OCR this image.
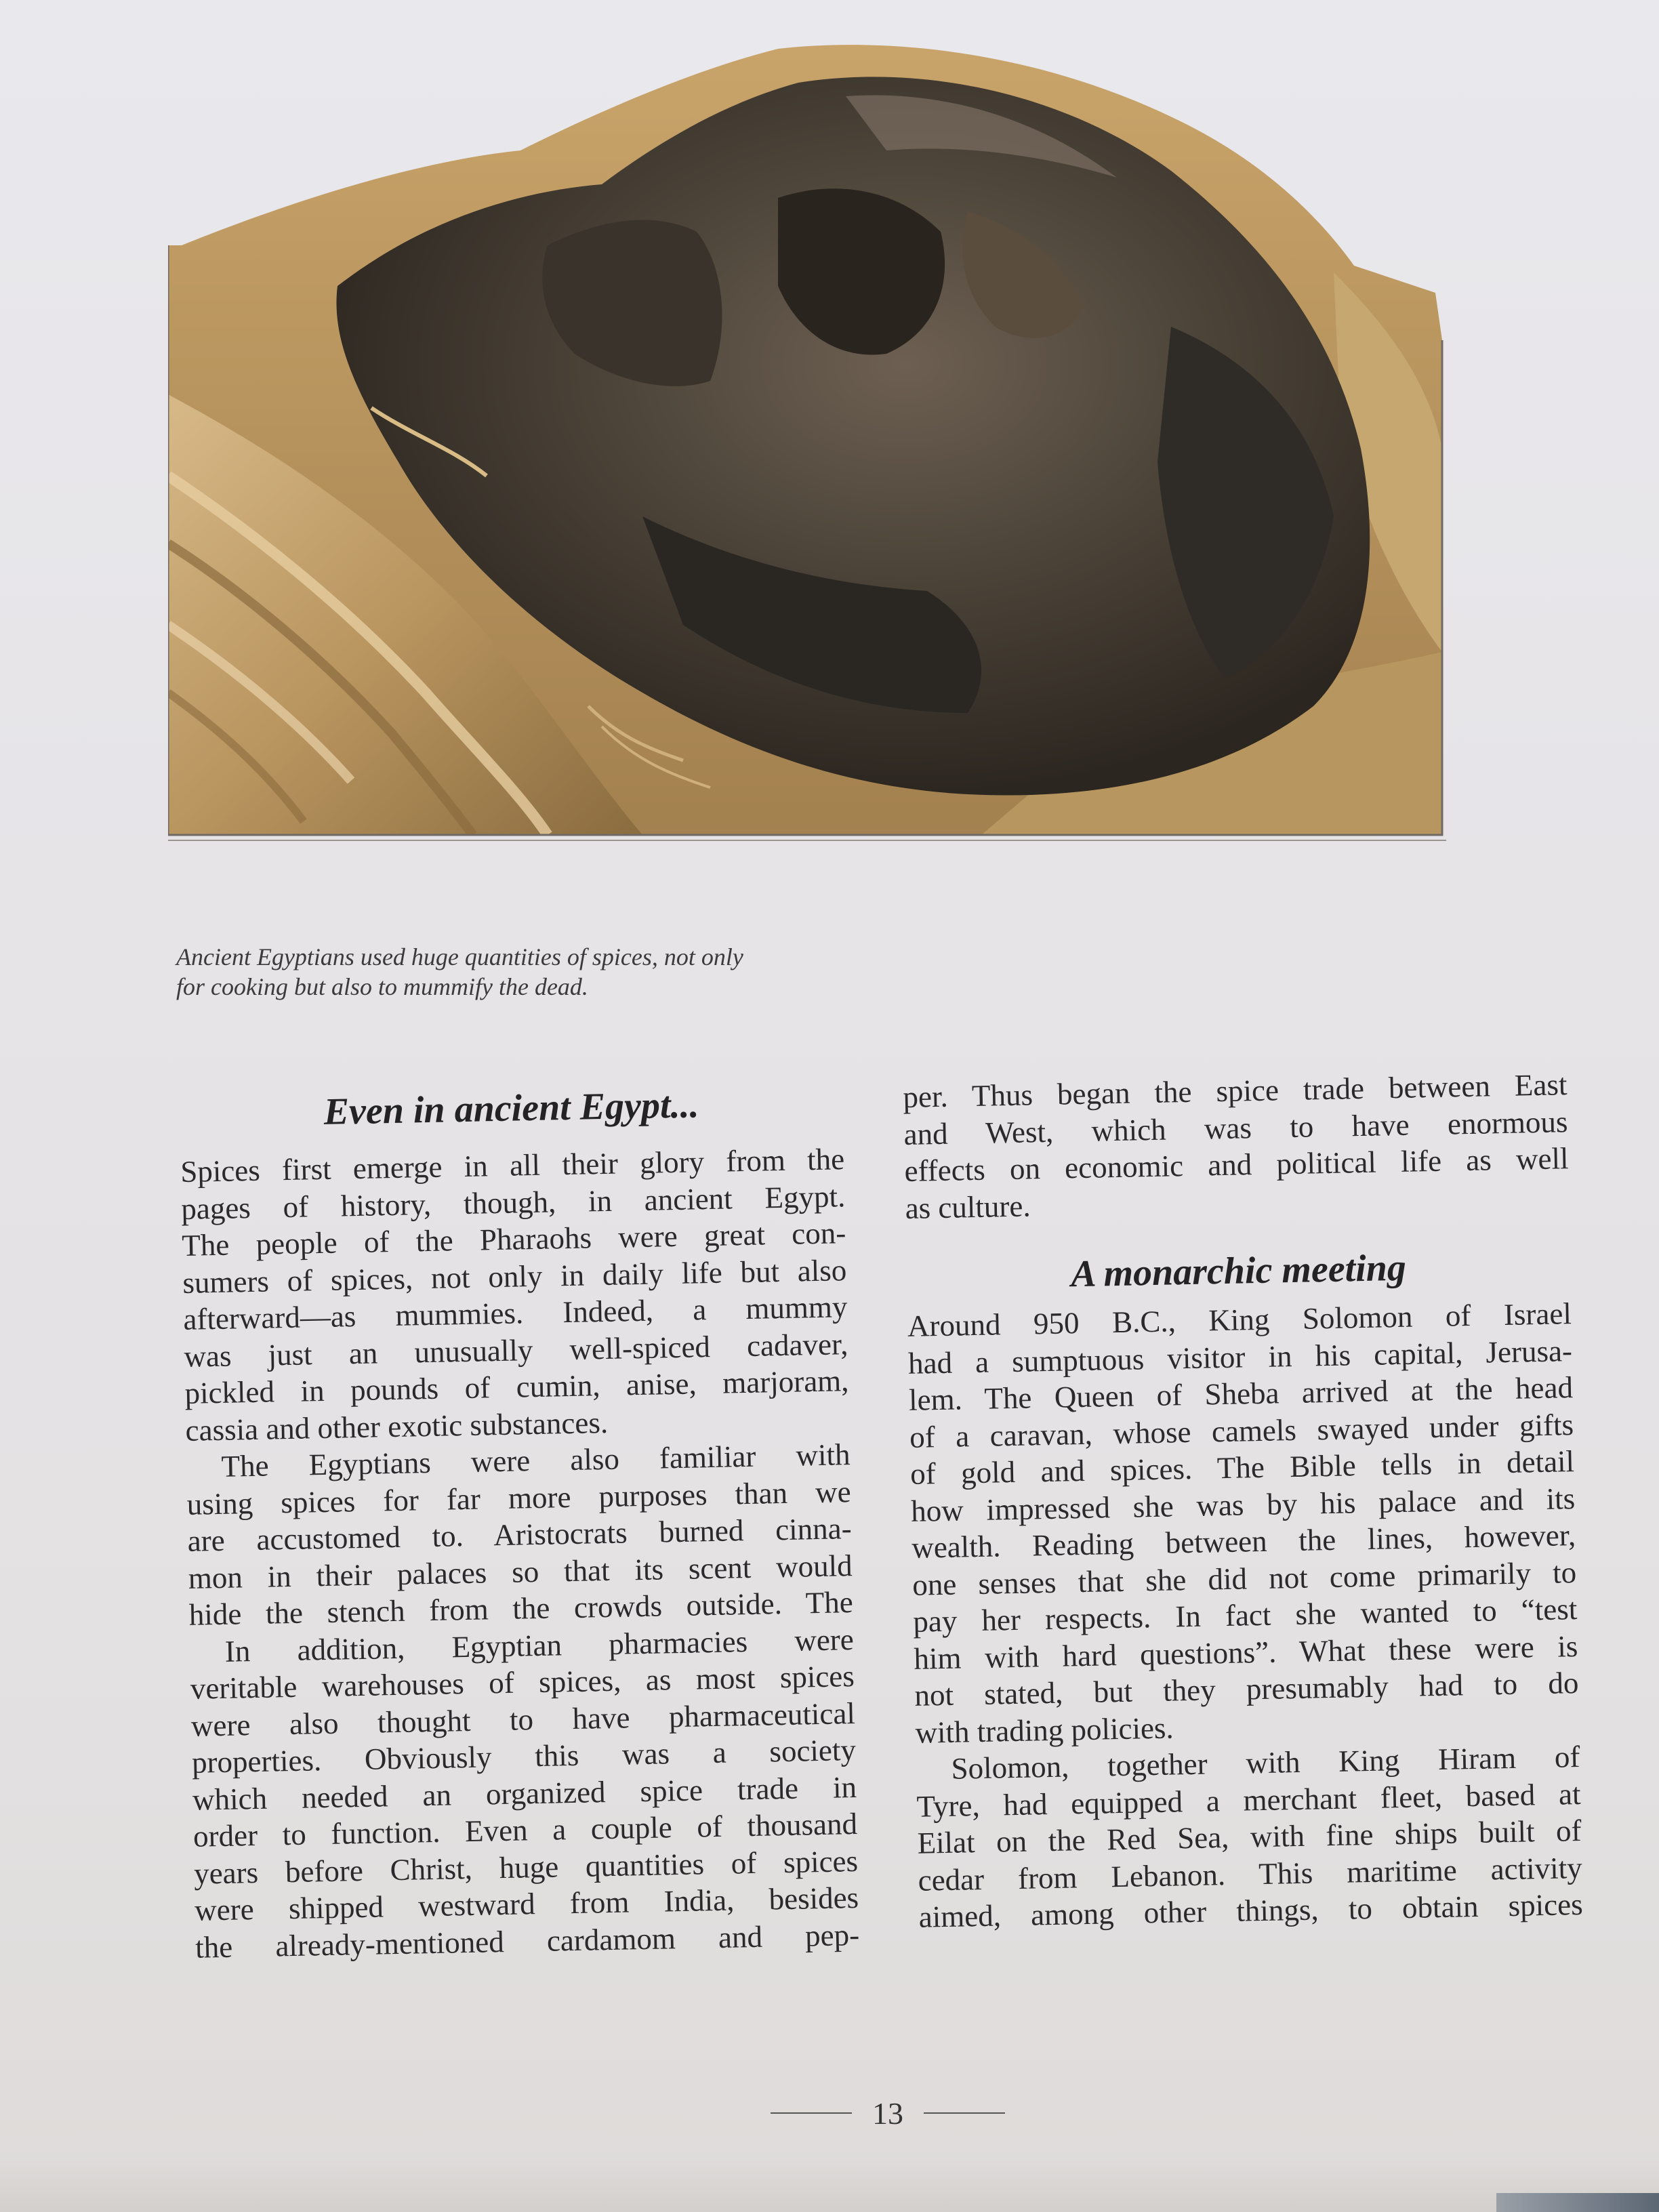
Ancient Egyptians used huge quantities of spices, not only
for cooking but also to mummify the dead.
Even in ancient Egypt...
Spices first emerge in all their glory from the
pages of history, though, in ancient Egypt.
The people of the Pharaohs were great con-
sumers of spices, not only in daily life but also
afterward—as mummies. Indeed, a mummy
was just an unusually well-spiced cadaver,
pickled in pounds of cumin, anise, marjoram,
cassia and other exotic substances.
The Egyptians were also familiar with
using spices for far more purposes than we
are accustomed to. Aristocrats burned cinna-
mon in their palaces so that its scent would
hide the stench from the crowds outside. The
In addition, Egyptian pharmacies were
veritable warehouses of spices, as most spices
were also thought to have pharmaceutical
properties. Obviously this was a society
which needed an organized spice trade in
order to function. Even a couple of thousand
years before Christ, huge quantities of spices
were shipped westward from India, besides
the already-mentioned cardamom and pep-
per. Thus began the spice trade between East
and West, which was to have enormous
effects on economic and political life as well
as culture.
A monarchic meeting
Around 950 B.C., King Solomon of Israel
had a sumptuous visitor in his capital, Jerusa-
lem. The Queen of Sheba arrived at the head
of a caravan, whose camels swayed under gifts
of gold and spices. The Bible tells in detail
how impressed she was by his palace and its
wealth. Reading between the lines, however,
one senses that she did not come primarily to
pay her respects. In fact she wanted to “test
him with hard questions”. What these were is
not stated, but they presumably had to do
with trading policies.
Solomon, together with King Hiram of
Tyre, had equipped a merchant fleet, based at
Eilat on the Red Sea, with fine ships built of
cedar from Lebanon. This maritime activity
aimed, among other things, to obtain spices
13
